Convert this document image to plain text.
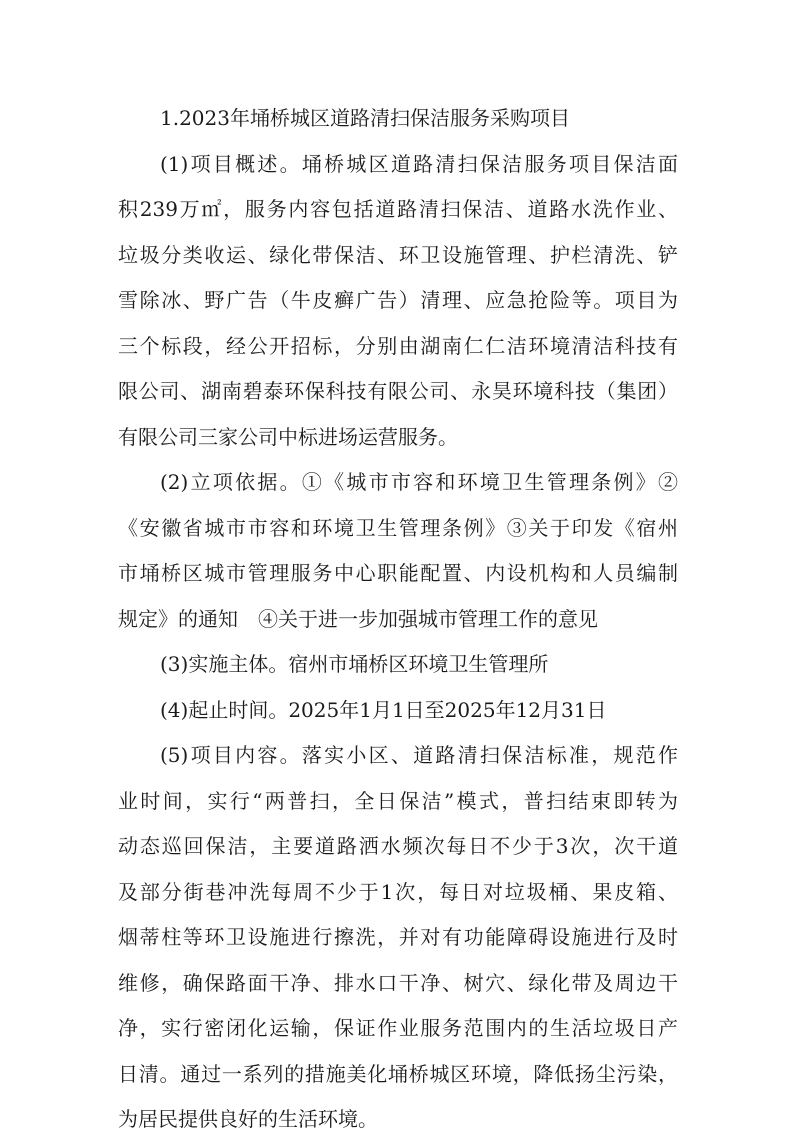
1.2023年埇桥城区道路清扫保洁服务采购项目
(1)项目概述。埇桥城区道路清扫保洁服务项目保洁面
积239万㎡，服务内容包括道路清扫保洁、道路水洗作业、
垃圾分类收运、绿化带保洁、环卫设施管理、护栏清洗、铲
雪除冰、野广告（牛皮癣广告）清理、应急抢险等。项目为
三个标段，经公开招标，分别由湖南仁仁洁环境清洁科技有
限公司、湖南碧泰环保科技有限公司、永昊环境科技（集团）
有限公司三家公司中标进场运营服务。
(2)立项依据。①《城市市容和环境卫生管理条例》②
《安徽省城市市容和环境卫生管理条例》③关于印发《宿州
市埇桥区城市管理服务中心职能配置、内设机构和人员编制
规定》的通知　④关于进一步加强城市管理工作的意见
(3)实施主体。宿州市埇桥区环境卫生管理所
(4)起止时间。2025年1月1日至2025年12月31日
(5)项目内容。落实小区、道路清扫保洁标准，规范作
业时间，实行“两普扫，全日保洁”模式，普扫结束即转为
动态巡回保洁，主要道路洒水频次每日不少于3次，次干道
及部分街巷冲洗每周不少于1次，每日对垃圾桶、果皮箱、
烟蒂柱等环卫设施进行擦洗，并对有功能障碍设施进行及时
维修，确保路面干净、排水口干净、树穴、绿化带及周边干
净，实行密闭化运输，保证作业服务范围内的生活垃圾日产
日清。通过一系列的措施美化埇桥城区环境，降低扬尘污染，
为居民提供良好的生活环境。
